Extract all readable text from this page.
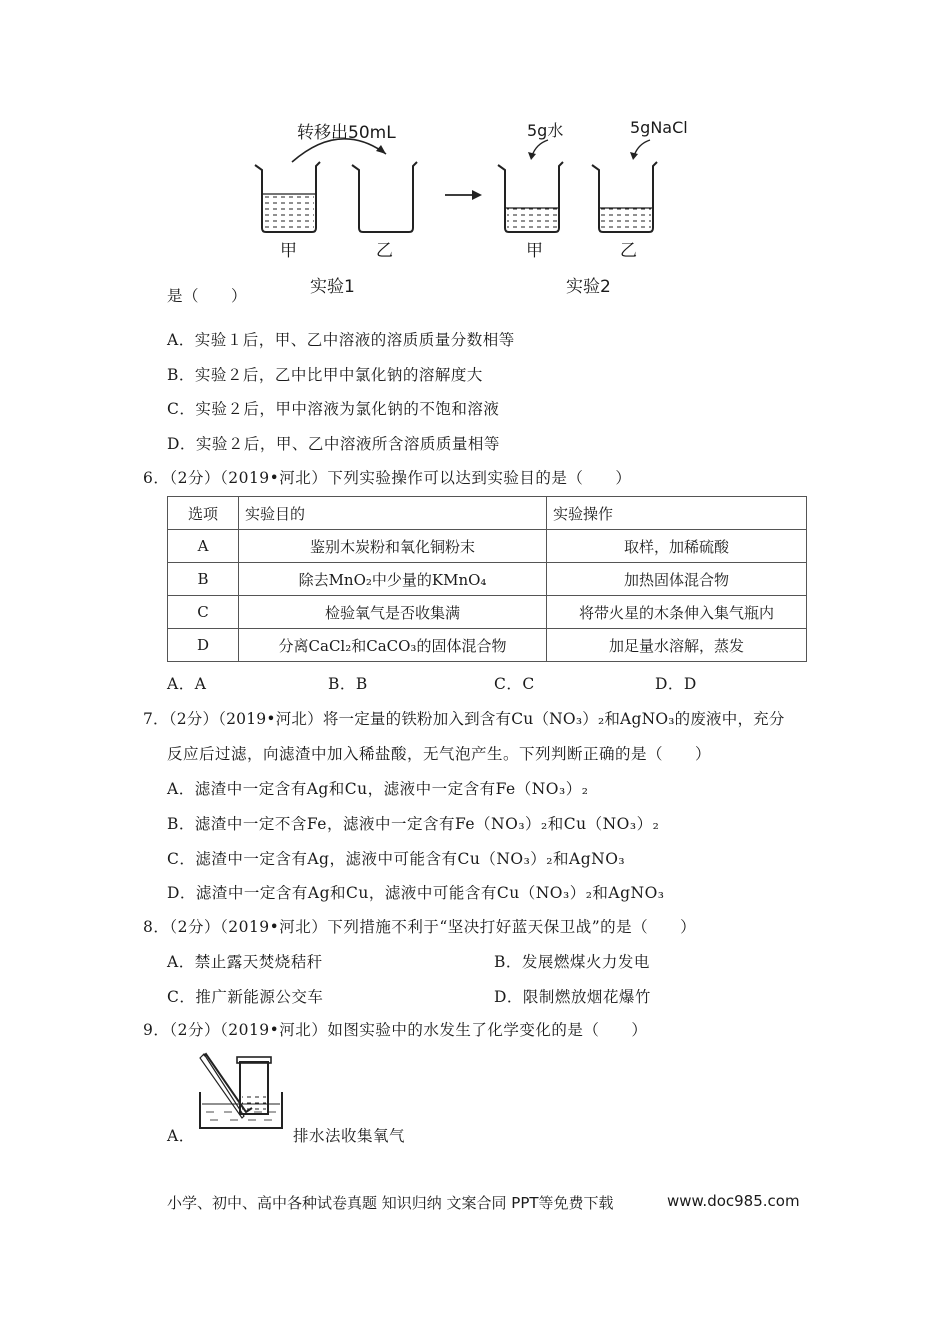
转移出50mL	5g水	5gNaCl
甲	乙	甲	乙
实验1	实验2
是（　　）
A．实验１后，甲、乙中溶液的溶质质量分数相等
B．实验２后，乙中比甲中氯化钠的溶解度大
C．实验２后，甲中溶液为氯化钠的不饱和溶液
D．实验２后，甲、乙中溶液所含溶质质量相等
6．（2分）（2019•河北）下列实验操作可以达到实验目的是（　　）
选项	实验目的	实验操作
A	鉴别木炭粉和氧化铜粉末	取样，加稀硫酸
B	除去MnO₂中少量的KMnO₄	加热固体混合物
C	检验氧气是否收集满	将带火星的木条伸入集气瓶内
D	分离CaCl₂和CaCO₃的固体混合物	加足量水溶解，蒸发
A．A	B．B	C．C	D．D
7．（2分）（2019•河北）将一定量的铁粉加入到含有Cu（NO₃）₂和AgNO₃的废液中，充分
反应后过滤，向滤渣中加入稀盐酸，无气泡产生。下列判断正确的是（　　）
A．滤渣中一定含有Ag和Cu，滤液中一定含有Fe（NO₃）₂
B．滤渣中一定不含Fe，滤液中一定含有Fe（NO₃）₂和Cu（NO₃）₂
C．滤渣中一定含有Ag，滤液中可能含有Cu（NO₃）₂和AgNO₃
D．滤渣中一定含有Ag和Cu，滤液中可能含有Cu（NO₃）₂和AgNO₃
8．（2分）（2019•河北）下列措施不利于“坚决打好蓝天保卫战”的是（　　）
A．禁止露天焚烧秸秆	B．发展燃煤火力发电
C．推广新能源公交车	D．限制燃放烟花爆竹
9．（2分）（2019•河北）如图实验中的水发生了化学变化的是（　　）
A．	排水法收集氧气
小学、初中、高中各种试卷真题 知识归纳 文案合同 PPT等免费下载	www.doc985.com
